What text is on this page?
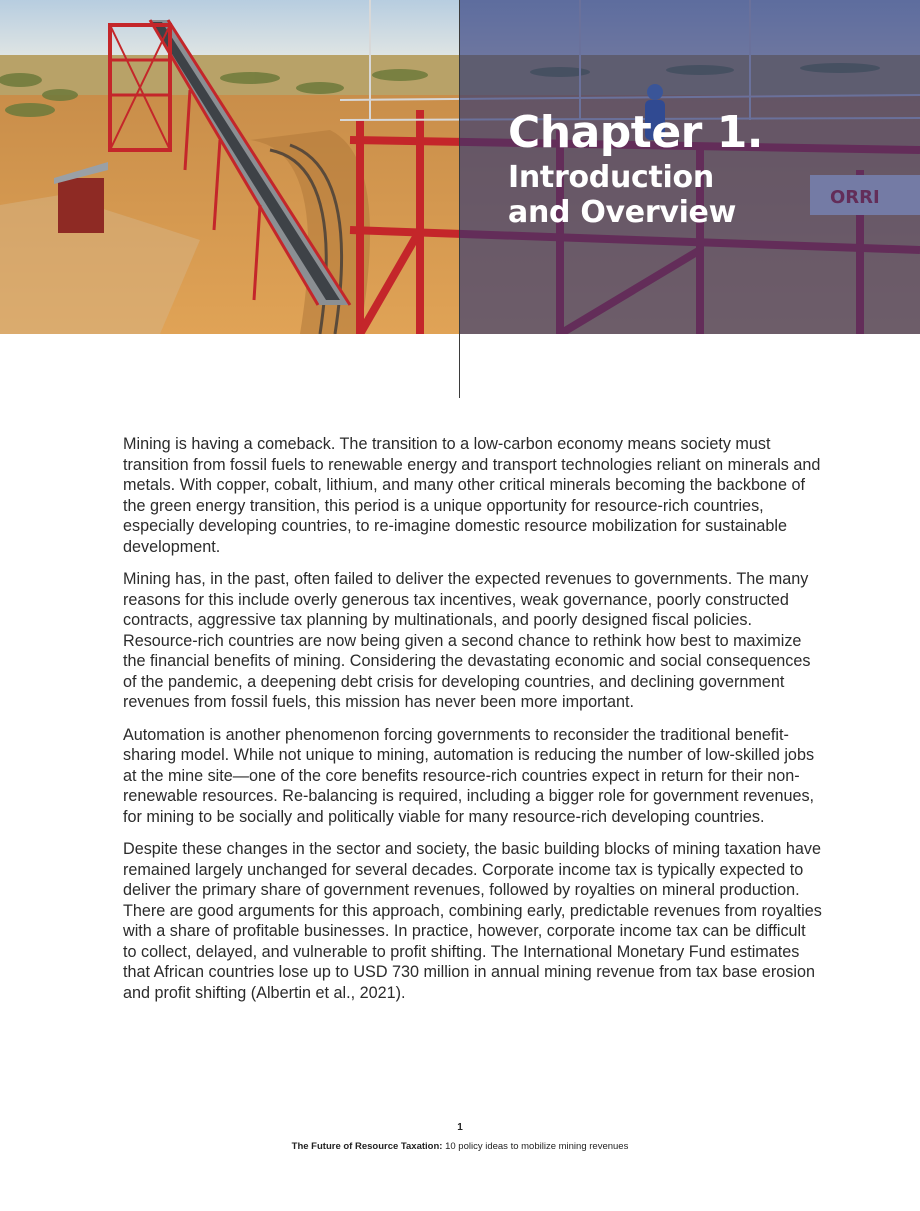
Chapter 1.
Introduction
and Overview

Mining is having a comeback. The transition to a low-carbon economy means society must transition from fossil fuels to renewable energy and transport technologies reliant on minerals and metals. With copper, cobalt, lithium, and many other critical minerals becoming the backbone of the green energy transition, this period is a unique opportunity for resource-rich countries, especially developing countries, to re-imagine domestic resource mobilization for sustainable development.

Mining has, in the past, often failed to deliver the expected revenues to governments. The many reasons for this include overly generous tax incentives, weak governance, poorly constructed contracts, aggressive tax planning by multinationals, and poorly designed fiscal policies. Resource-rich countries are now being given a second chance to rethink how best to maximize the financial benefits of mining. Considering the devastating economic and social consequences of the pandemic, a deepening debt crisis for developing countries, and declining government revenues from fossil fuels, this mission has never been more important.

Automation is another phenomenon forcing governments to reconsider the traditional benefit-sharing model. While not unique to mining, automation is reducing the number of low-skilled jobs at the mine site—one of the core benefits resource-rich countries expect in return for their non-renewable resources. Re-balancing is required, including a bigger role for government revenues, for mining to be socially and politically viable for many resource-rich developing countries.

Despite these changes in the sector and society, the basic building blocks of mining taxation have remained largely unchanged for several decades. Corporate income tax is typically expected to deliver the primary share of government revenues, followed by royalties on mineral production. There are good arguments for this approach, combining early, predictable revenues from royalties with a share of profitable businesses. In practice, however, corporate income tax can be difficult to collect, delayed, and vulnerable to profit shifting. The International Monetary Fund estimates that African countries lose up to USD 730 million in annual mining revenue from tax base erosion and profit shifting (Albertin et al., 2021).

1
The Future of Resource Taxation: 10 policy ideas to mobilize mining revenues
